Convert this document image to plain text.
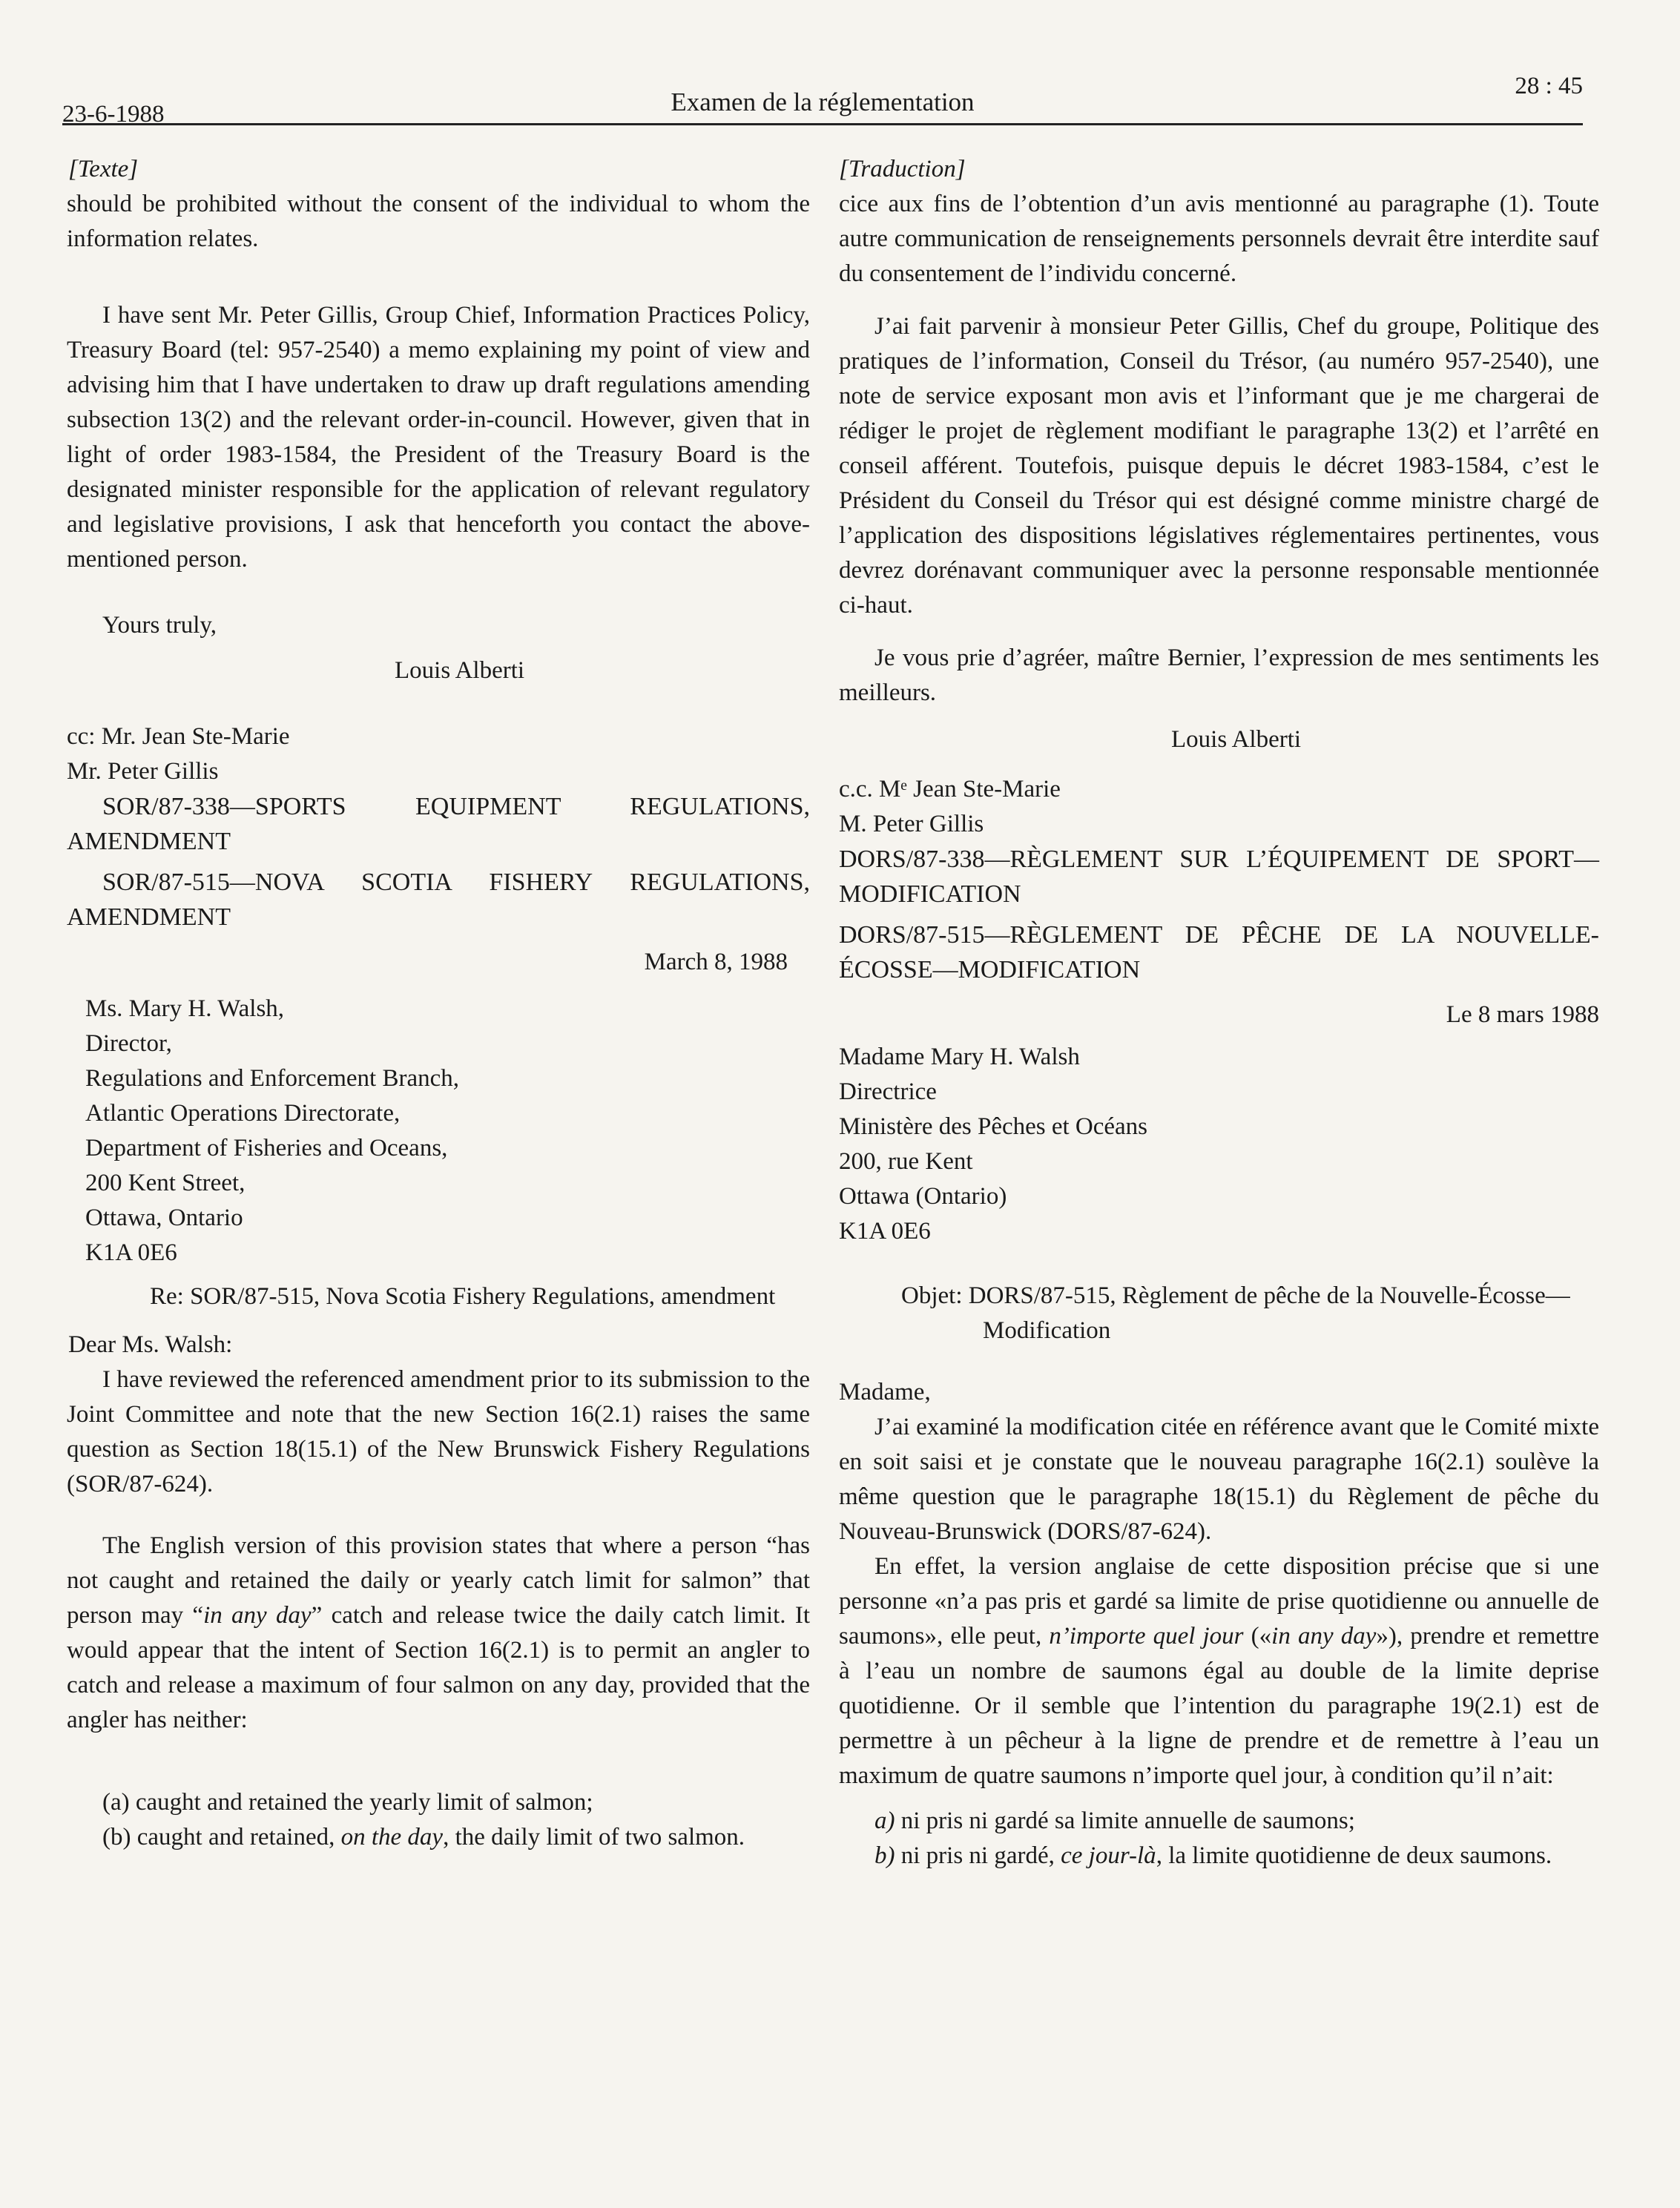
23-6-1988	Examen de la réglementation
28 : 45

[Texte]

should be prohibited without the consent of the individual to whom the information relates.

I have sent Mr. Peter Gillis, Group Chief, Information Practices Policy, Treasury Board (tel: 957-2540) a memo explaining my point of view and advising him that I have undertaken to draw up draft regulations amending subsection 13(2) and the relevant order-in-council. However, given that in light of order 1983-1584, the President of the Treasury Board is the designated minister responsible for the application of relevant regulatory and legislative provisions, I ask that henceforth you contact the above-mentioned person.

Yours truly,

Louis Alberti

cc: Mr. Jean Ste-Marie

Mr. Peter Gillis

SOR/87-338—SPORTS EQUIPMENT REGULATIONS, AMENDMENT

SOR/87-515—NOVA SCOTIA FISHERY REGULATIONS, AMENDMENT

March 8, 1988

Ms. Mary H. Walsh,

Director,

Regulations and Enforcement Branch,

Atlantic Operations Directorate,

Department of Fisheries and Oceans,

200 Kent Street,

Ottawa, Ontario

K1A 0E6

Re: SOR/87-515, Nova Scotia Fishery Regulations, amendment

Dear Ms. Walsh:

I have reviewed the referenced amendment prior to its submission to the Joint Committee and note that the new Section 16(2.1) raises the same question as Section 18(15.1) of the New Brunswick Fishery Regulations (SOR/87-624).

The English version of this provision states that where a person “has not caught and retained the daily or yearly catch limit for salmon” that person may “in any day” catch and release twice the daily catch limit. It would appear that the intent of Section 16(2.1) is to permit an angler to catch and release a maximum of four salmon on any day, provided that the angler has neither:

(a) caught and retained the yearly limit of salmon;

(b) caught and retained, on the day, the daily limit of two salmon.

[Traduction]

cice aux fins de l’obtention d’un avis mentionné au paragraphe (1). Toute autre communication de renseignements personnels devrait être interdite sauf du consentement de l’individu concerné.

J’ai fait parvenir à monsieur Peter Gillis, Chef du groupe, Politique des pratiques de l’information, Conseil du Trésor, (au numéro 957-2540), une note de service exposant mon avis et l’informant que je me chargerai de rédiger le projet de règlement modifiant le paragraphe 13(2) et l’arrêté en conseil afférent. Toutefois, puisque depuis le décret 1983-1584, c’est le Président du Conseil du Trésor qui est désigné comme ministre chargé de l’application des dispositions législatives réglementaires pertinentes, vous devrez dorénavant communiquer avec la personne responsable mentionnée ci-haut.

Je vous prie d’agréer, maître Bernier, l’expression de mes sentiments les meilleurs.

Louis Alberti

c.c. Mᵉ Jean Ste-Marie

M. Peter Gillis

DORS/87-338—RÈGLEMENT SUR L’ÉQUIPEMENT DE SPORT—MODIFICATION

DORS/87-515—RÈGLEMENT DE PÊCHE DE LA NOUVELLE-ÉCOSSE—MODIFICATION

Le 8 mars 1988

Madame Mary H. Walsh

Directrice

Ministère des Pêches et Océans

200, rue Kent

Ottawa (Ontario)

K1A 0E6

Objet: DORS/87-515, Règlement de pêche de la Nouvelle-Écosse—Modification

Madame,

J’ai examiné la modification citée en référence avant que le Comité mixte en soit saisi et je constate que le nouveau paragraphe 16(2.1) soulève la même question que le paragraphe 18(15.1) du Règlement de pêche du Nouveau-Brunswick (DORS/87-624).

En effet, la version anglaise de cette disposition précise que si une personne «n’a pas pris et gardé sa limite de prise quotidienne ou annuelle de saumons», elle peut, n’importe quel jour («in any day»), prendre et remettre à l’eau un nombre de saumons égal au double de la limite deprise quotidienne. Or il semble que l’intention du paragraphe 19(2.1) est de permettre à un pêcheur à la ligne de prendre et de remettre à l’eau un maximum de quatre saumons n’importe quel jour, à condition qu’il n’ait:

a) ni pris ni gardé sa limite annuelle de saumons;

b) ni pris ni gardé, ce jour-là, la limite quotidienne de deux saumons.
